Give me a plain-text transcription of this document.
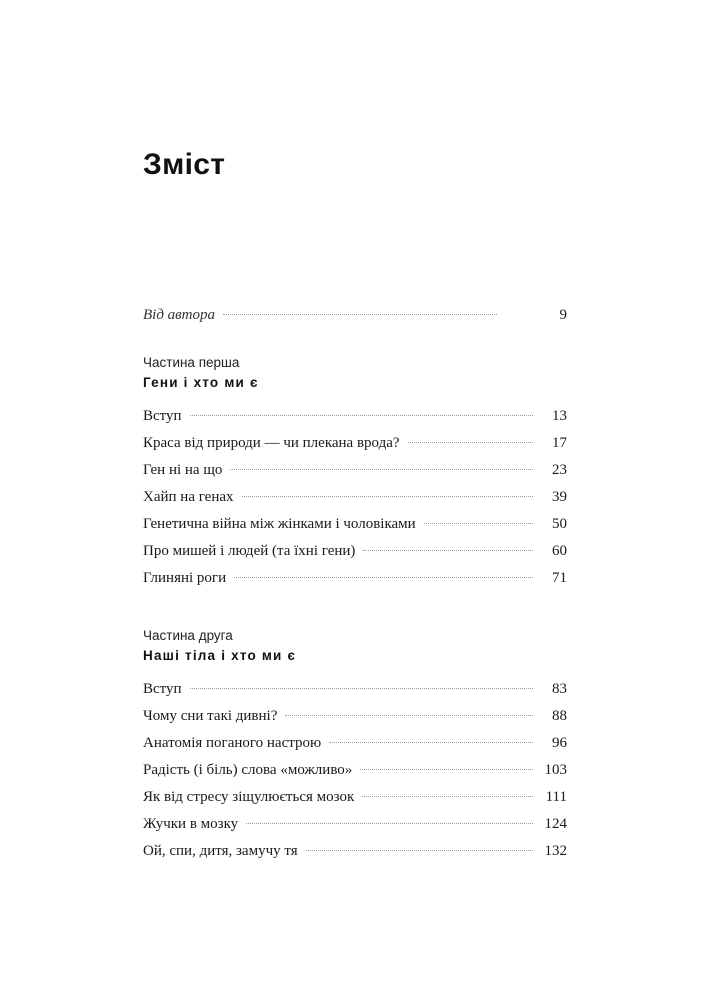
Зміст
Від автора	9
Частина перша
Гени і хто ми є
Вступ	13
Краса від природи — чи плекана врода?	17
Ген ні на що	23
Хайп на генах	39
Генетична війна між жінками і чоловіками	50
Про мишей і людей (та їхні гени)	60
Глиняні роги	71
Частина друга
Наші тіла і хто ми є
Вступ	83
Чому сни такі дивні?	88
Анатомія поганого настрою	96
Радість (і біль) слова «можливо»	103
Як від стресу зіщулюється мозок	111
Жучки в мозку	124
Ой, спи, дитя, замучу тя	132
